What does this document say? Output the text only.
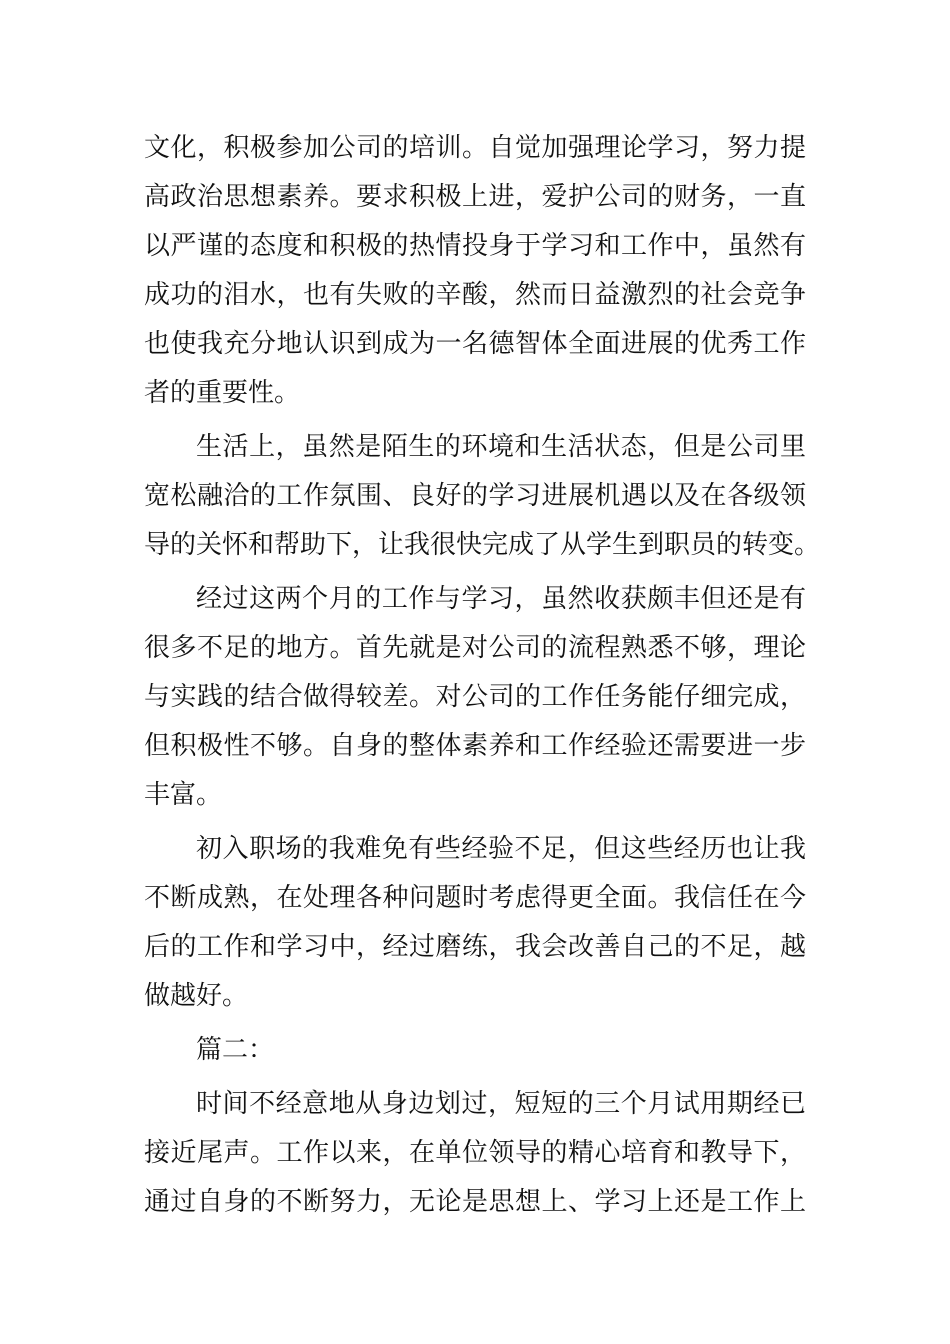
文化，积极参加公司的培训。自觉加强理论学习，努力提
高政治思想素养。要求积极上进，爱护公司的财务，一直
以严谨的态度和积极的热情投身于学习和工作中，虽然有
成功的泪水，也有失败的辛酸，然而日益激烈的社会竞争
也使我充分地认识到成为一名德智体全面进展的优秀工作
者的重要性。
生活上，虽然是陌生的环境和生活状态，但是公司里
宽松融洽的工作氛围、良好的学习进展机遇以及在各级领
导的关怀和帮助下，让我很快完成了从学生到职员的转变。
经过这两个月的工作与学习，虽然收获颇丰但还是有
很多不足的地方。首先就是对公司的流程熟悉不够，理论
与实践的结合做得较差。对公司的工作任务能仔细完成，
但积极性不够。自身的整体素养和工作经验还需要进一步
丰富。
初入职场的我难免有些经验不足，但这些经历也让我
不断成熟，在处理各种问题时考虑得更全面。我信任在今
后的工作和学习中，经过磨练，我会改善自己的不足，越
做越好。
篇二：
时间不经意地从身边划过，短短的三个月试用期经已
接近尾声。工作以来，在单位领导的精心培育和教导下，
通过自身的不断努力，无论是思想上、学习上还是工作上
